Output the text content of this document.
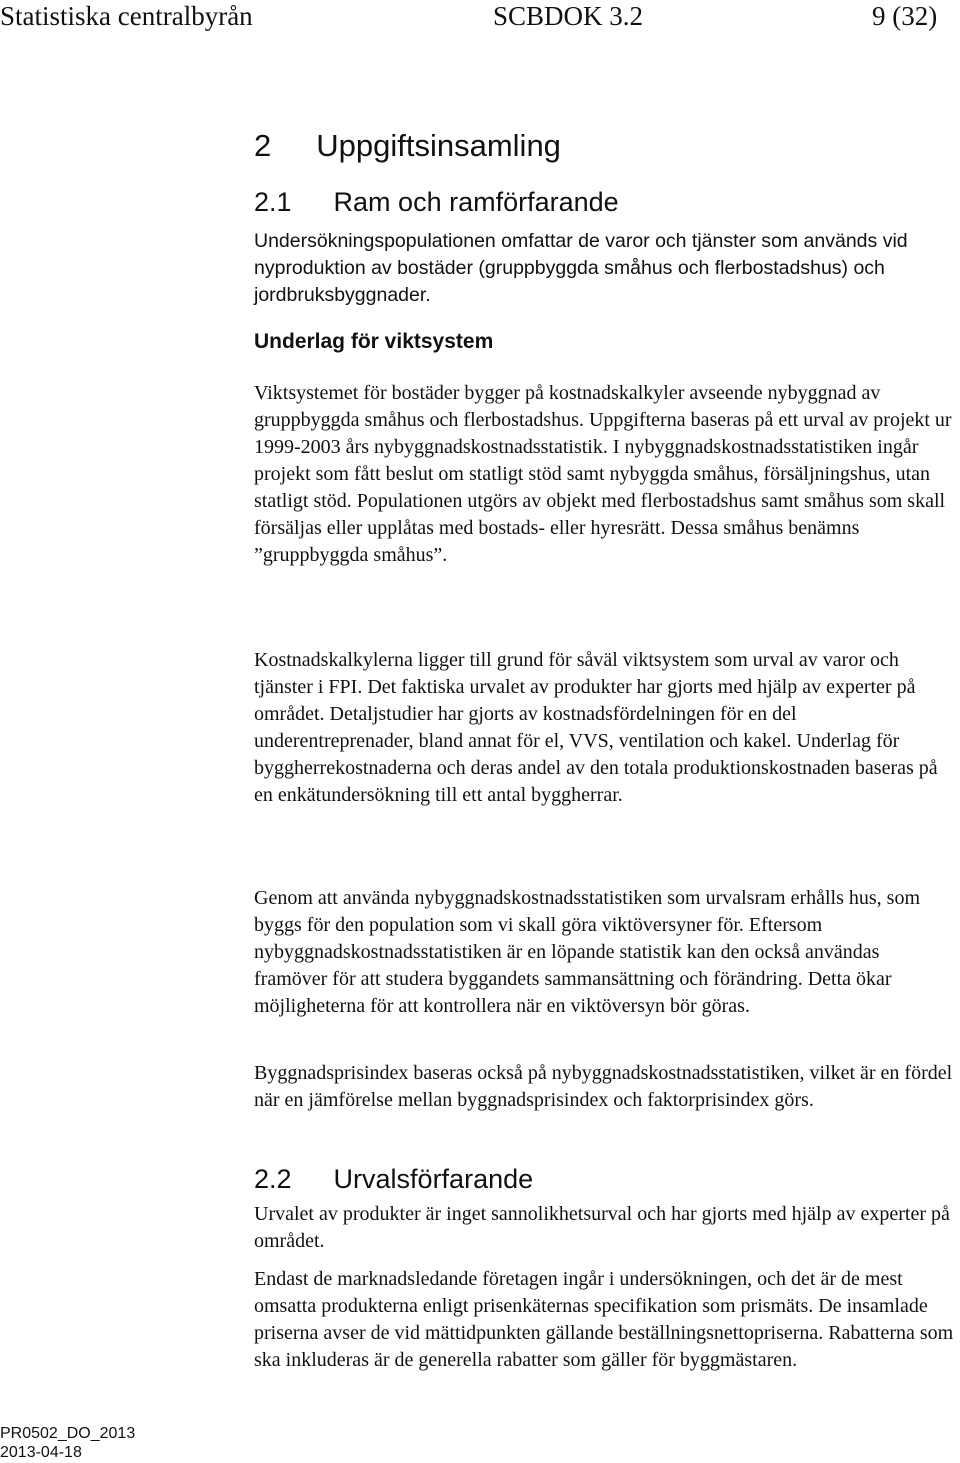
Statistiska centralbyrån	SCBDOK 3.2	9 (32)
2 Uppgiftsinsamling
2.1 Ram och ramförfarande

Undersökningspopulationen omfattar de varor och tjänster som används vid nyproduktion av bostäder (gruppbyggda småhus och flerbostadshus) och jordbruksbyggnader.

Underlag för viktsystem

Viktsystemet för bostäder bygger på kostnadskalkyler avseende nybyggnad av gruppbyggda småhus och flerbostadshus. Uppgifterna baseras på ett urval av projekt ur 1999-2003 års nybyggnadskostnadsstatistik. I nybyggnadskostnadsstatistiken ingår projekt som fått beslut om statligt stöd samt nybyggda småhus, försäljningshus, utan statligt stöd. Populationen utgörs av objekt med flerbostadshus samt småhus som skall försäljas eller upplåtas med bostads- eller hyresrätt. Dessa småhus benämns ”gruppbyggda småhus”.

Kostnadskalkylerna ligger till grund för såväl viktsystem som urval av varor och tjänster i FPI. Det faktiska urvalet av produkter har gjorts med hjälp av experter på området. Detaljstudier har gjorts av kostnadsfördelningen för en del underentreprenader, bland annat för el, VVS, ventilation och kakel. Underlag för byggherrekostnaderna och deras andel av den totala produktionskostnaden baseras på en enkätundersökning till ett antal byggherrar.

Genom att använda nybyggnadskostnadsstatistiken som urvalsram erhålls hus, som byggs för den population som vi skall göra viktöversyner för. Eftersom nybyggnadskostnadsstatistiken är en löpande statistik kan den också användas framöver för att studera byggandets sammansättning och förändring. Detta ökar möjligheterna för att kontrollera när en viktöversyn bör göras.

Byggnadsprisindex baseras också på nybyggnadskostnadsstatistiken, vilket är en fördel när en jämförelse mellan byggnadsprisindex och faktorprisindex görs.

2.2 Urvalsförfarande

Urvalet av produkter är inget sannolikhetsurval och har gjorts med hjälp av experter på området.

Endast de marknadsledande företagen ingår i undersökningen, och det är de mest omsatta produkterna enligt prisenkäternas specifikation som prismäts. De insamlade priserna avser de vid mättidpunkten gällande beställningsnettopriserna. Rabatterna som ska inkluderas är de generella rabatter som gäller för byggmästaren.

PR0502_DO_2013
2013-04-18
